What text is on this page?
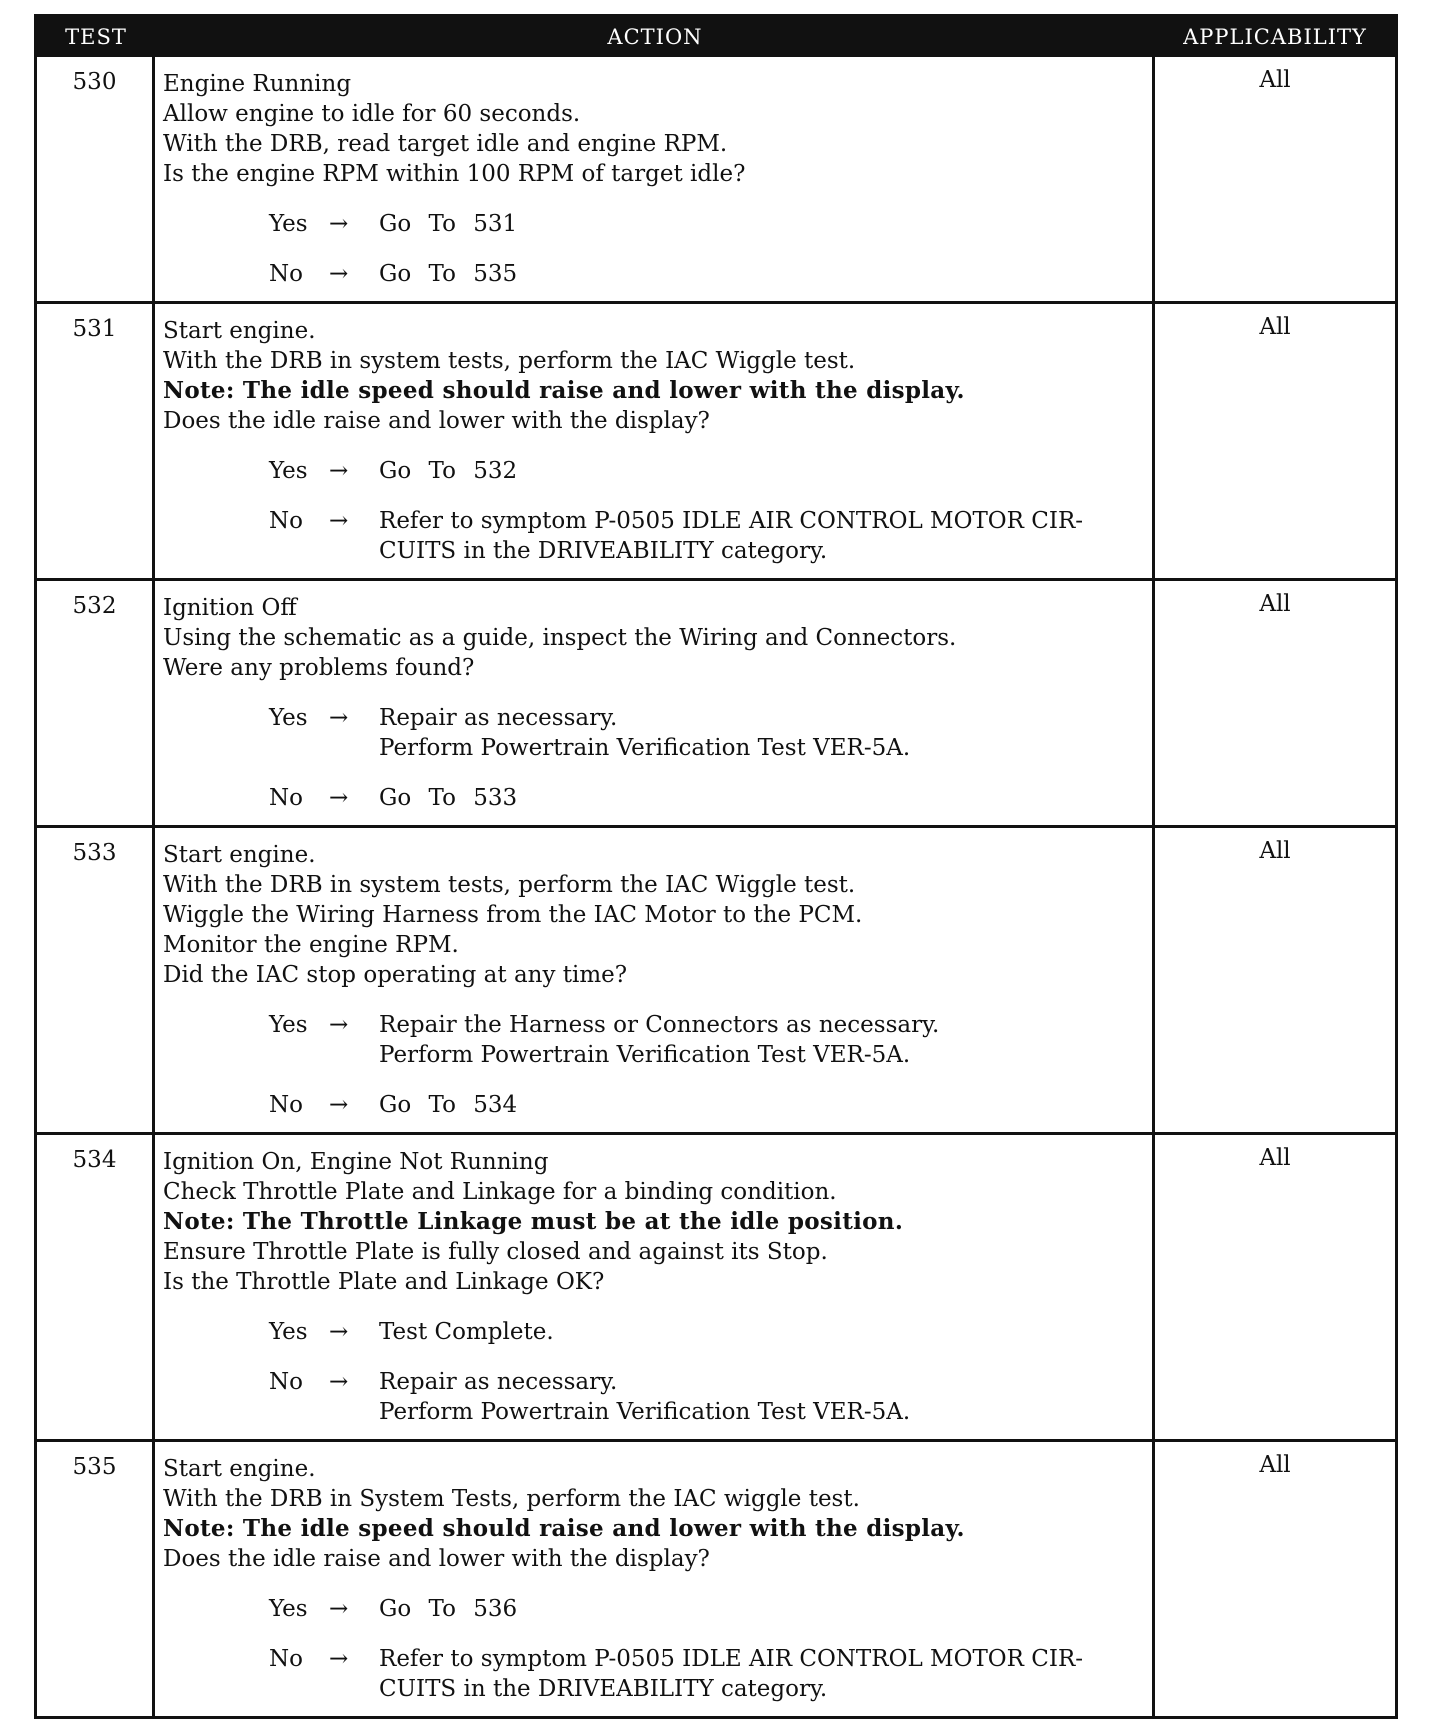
TEST	ACTION	APPLICABILITY
530	Engine Running
Allow engine to idle for 60 seconds.
With the DRB, read target idle and engine RPM.
Is the engine RPM within 100 RPM of target idle?
Yes →	Go To 531
No	→	Go To 535
All
531	Start engine.
With the DRB in system tests, perform the IAC Wiggle test.
Note: The idle speed should raise and lower with the display.
Does the idle raise and lower with the display?
Yes →	Go To 532
No	→	Refer to symptom P-0505 IDLE AIR CONTROL MOTOR CIR-
CUITS in the DRIVEABILITY category.
All
532	Ignition Off
Using the schematic as a guide, inspect the Wiring and Connectors.
Were any problems found?
Yes →	Repair as necessary.
Perform Powertrain Verification Test VER-5A.
No	→	Go To 533
All
533	Start engine.
With the DRB in system tests, perform the IAC Wiggle test.
Wiggle the Wiring Harness from the IAC Motor to the PCM.
Monitor the engine RPM.
Did the IAC stop operating at any time?
Yes →	Repair the Harness or Connectors as necessary.
Perform Powertrain Verification Test VER-5A.
No	→	Go To 534
All
534	Ignition On, Engine Not Running
Check Throttle Plate and Linkage for a binding condition.
Note: The Throttle Linkage must be at the idle position.
Ensure Throttle Plate is fully closed and against its Stop.
Is the Throttle Plate and Linkage OK?
Yes →	Test Complete.
No	→	Repair as necessary.
Perform Powertrain Verification Test VER-5A.
All
535	Start engine.
With the DRB in System Tests, perform the IAC wiggle test.
Note: The idle speed should raise and lower with the display.
Does the idle raise and lower with the display?
Yes →	Go To 536
No	→	Refer to symptom P-0505 IDLE AIR CONTROL MOTOR CIR-
CUITS in the DRIVEABILITY category.
All
